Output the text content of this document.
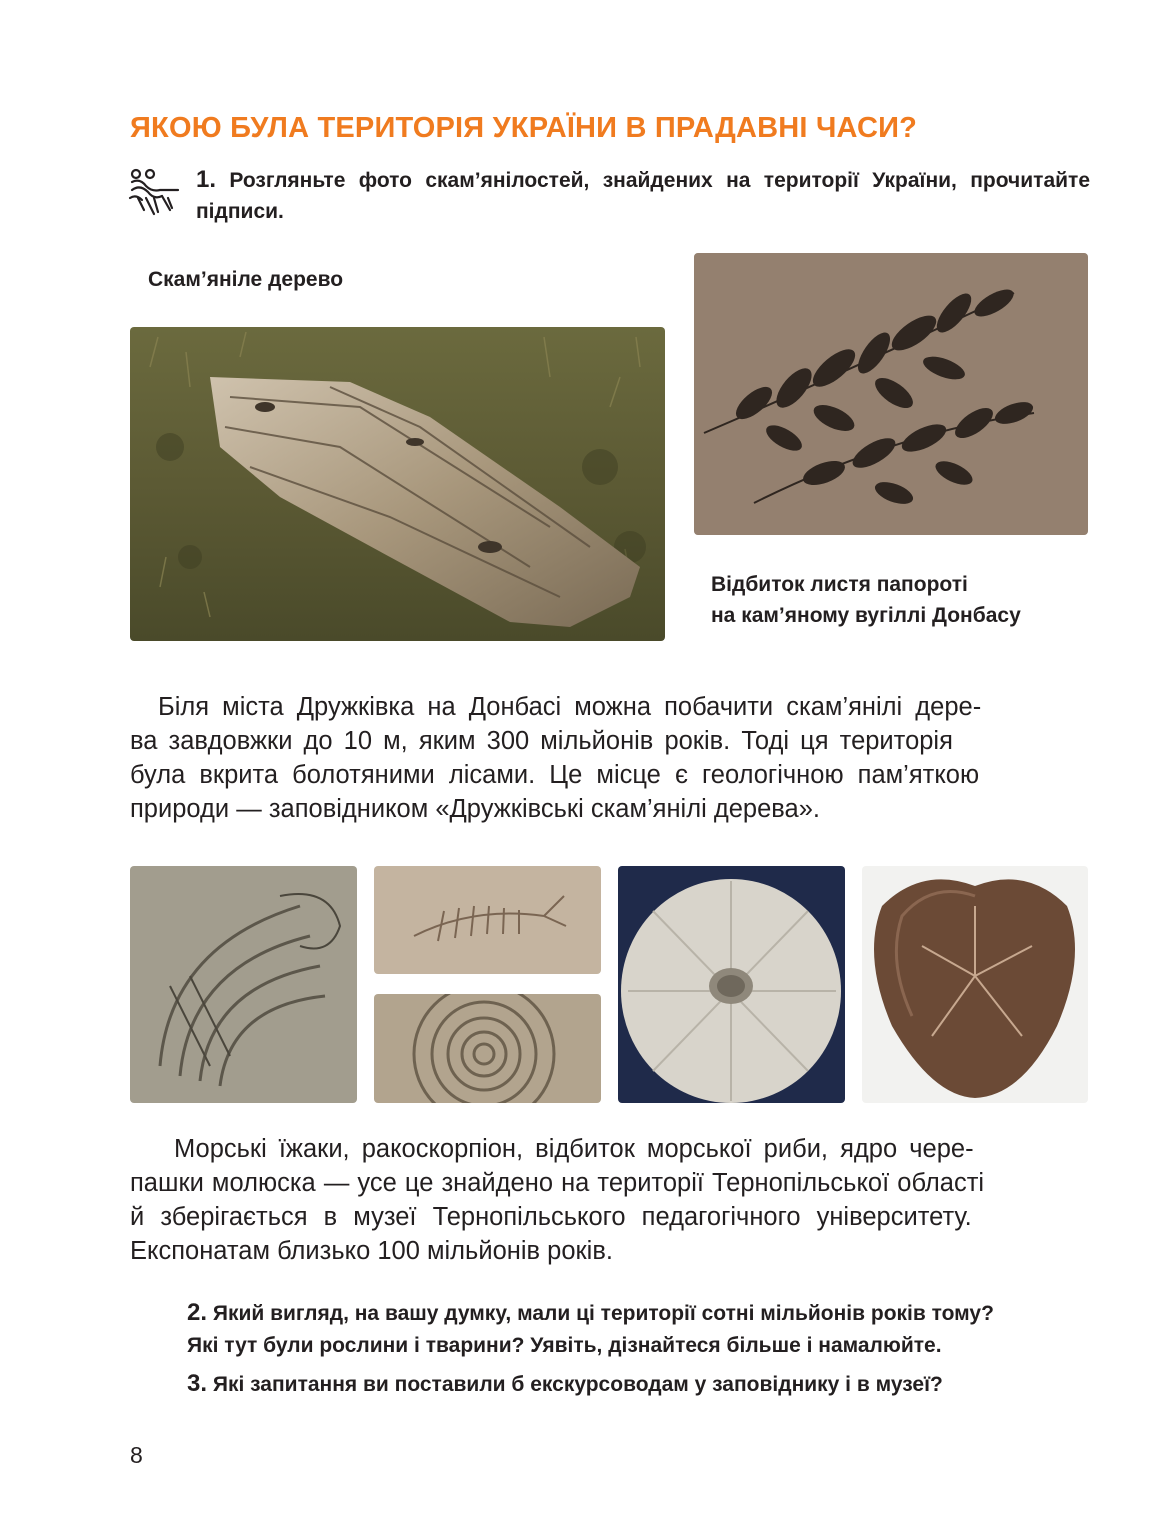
ЯКОЮ БУЛА ТЕРИТОРІЯ УКРАЇНИ В ПРАДАВНІ ЧАСИ?
1. Розгляньте фото скам’янілостей, знайдених на території України, прочитайте підписи.
Скам’яніле дерево
Відбиток листя папороті
на кам’яному вугіллі Донбасу
Біля міста Дружківка на Донбасі можна побачити скам’янілі дере-
ва завдовжки до 10 м, яким 300 мільйонів років. Тоді ця територія
була вкрита болотяними лісами. Це місце є геологічною пам’яткою
природи — заповідником «Дружківські скам’янілі дерева».
Морські їжаки, ракоскорпіон, відбиток морської риби, ядро чере-
пашки молюска — усе це знайдено на території Тернопільської області
й зберігається в музеї Тернопільського педагогічного університету.
Експонатам близько 100 мільйонів років.
2. Який вигляд, на вашу думку, мали ці території сотні мільйонів років тому?
Які тут були рослини і тварини? Уявіть, дізнайтеся більше і намалюйте.
3. Які запитання ви поставили б екскурсоводам у заповіднику і в музеї?
8
